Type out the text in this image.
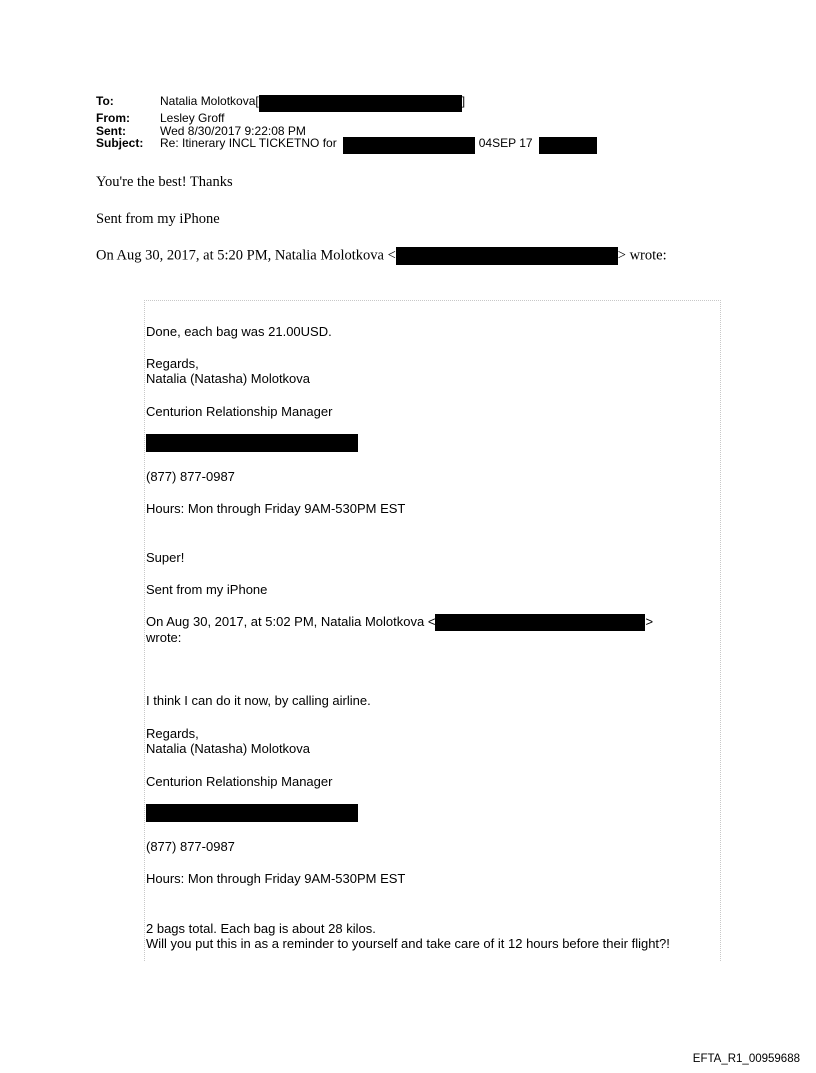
To:	Natalia Molotkova[	]
From:	Lesley Groff
Sent:	Wed 8/30/2017 9:22:08 PM
Subject:	Re: Itinerary INCL TICKETNO for	04SEP 17
You're the best! Thanks
Sent from my iPhone
On Aug 30, 2017, at 5:20 PM, Natalia Molotkova <	> wrote:
Done, each bag was 21.00USD.
Regards,
Natalia (Natasha) Molotkova
Centurion Relationship Manager
(877) 877-0987
Hours: Mon through Friday 9AM-530PM EST
Super!
Sent from my iPhone
On Aug 30, 2017, at 5:02 PM, Natalia Molotkova <	>
wrote:
I think I can do it now, by calling airline.
Regards,
Natalia (Natasha) Molotkova
Centurion Relationship Manager
(877) 877-0987
Hours: Mon through Friday 9AM-530PM EST
2 bags total. Each bag is about 28 kilos.
Will you put this in as a reminder to yourself and take care of it 12 hours before their flight?!
EFTA_R1_00959688
